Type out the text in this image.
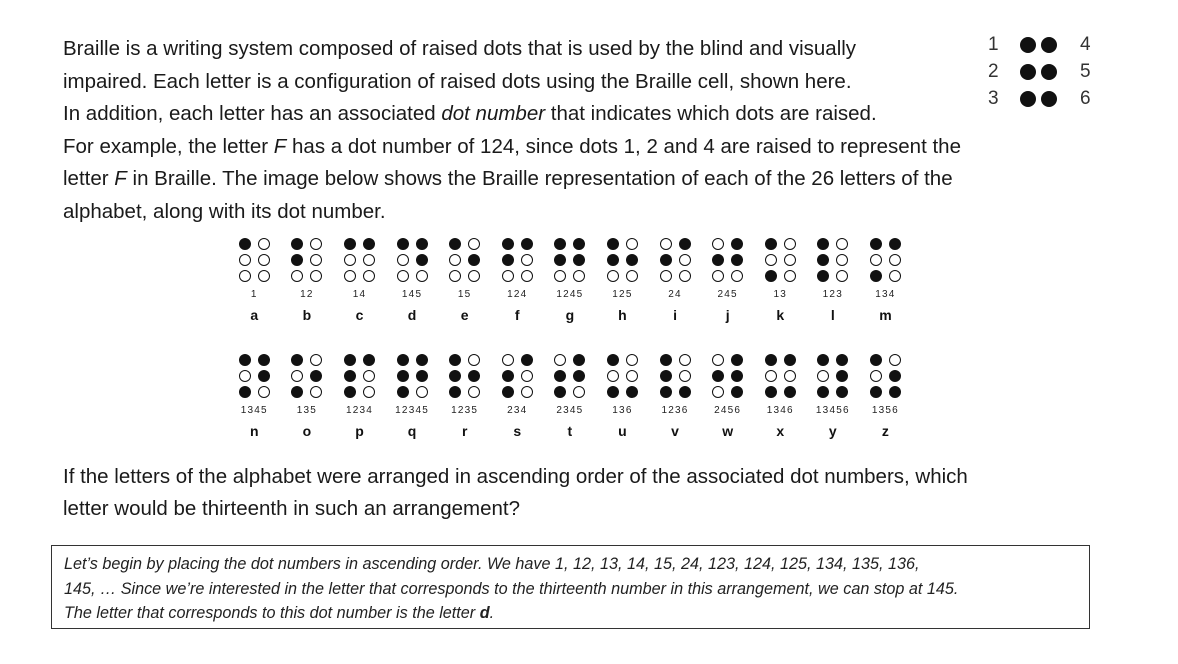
Braille is a writing system composed of raised dots that is used by the blind and visually
impaired. Each letter is a configuration of raised dots using the Braille cell, shown here.
In addition, each letter has an associated dot number that indicates which dots are raised.
For example, the letter F has a dot number of 124, since dots 1, 2 and 4 are raised to represent the
letter F in Braille. The image below shows the Braille representation of each of the 26 letters of the
alphabet, along with its dot number.

1	4
2	5
3	6
1
a
12
b
14
c
145
d
15
e
124
f
1245
g
125
h
24
i
245
j
13
k
123
l
134
m
1345
n
135
o
1234
p
12345
q
1235
r
234
s
2345
t
136
u
1236
v
2456
w
1346
x
13456
y
1356
z

If the letters of the alphabet were arranged in ascending order of the associated dot numbers, which
letter would be thirteenth in such an arrangement?

Let’s begin by placing the dot numbers in ascending order. We have 1, 12, 13, 14, 15, 24, 123, 124, 125, 134, 135, 136,
145, … Since we’re interested in the letter that corresponds to the thirteenth number in this arrangement, we can stop at 145.
The letter that corresponds to this dot number is the letter d.
